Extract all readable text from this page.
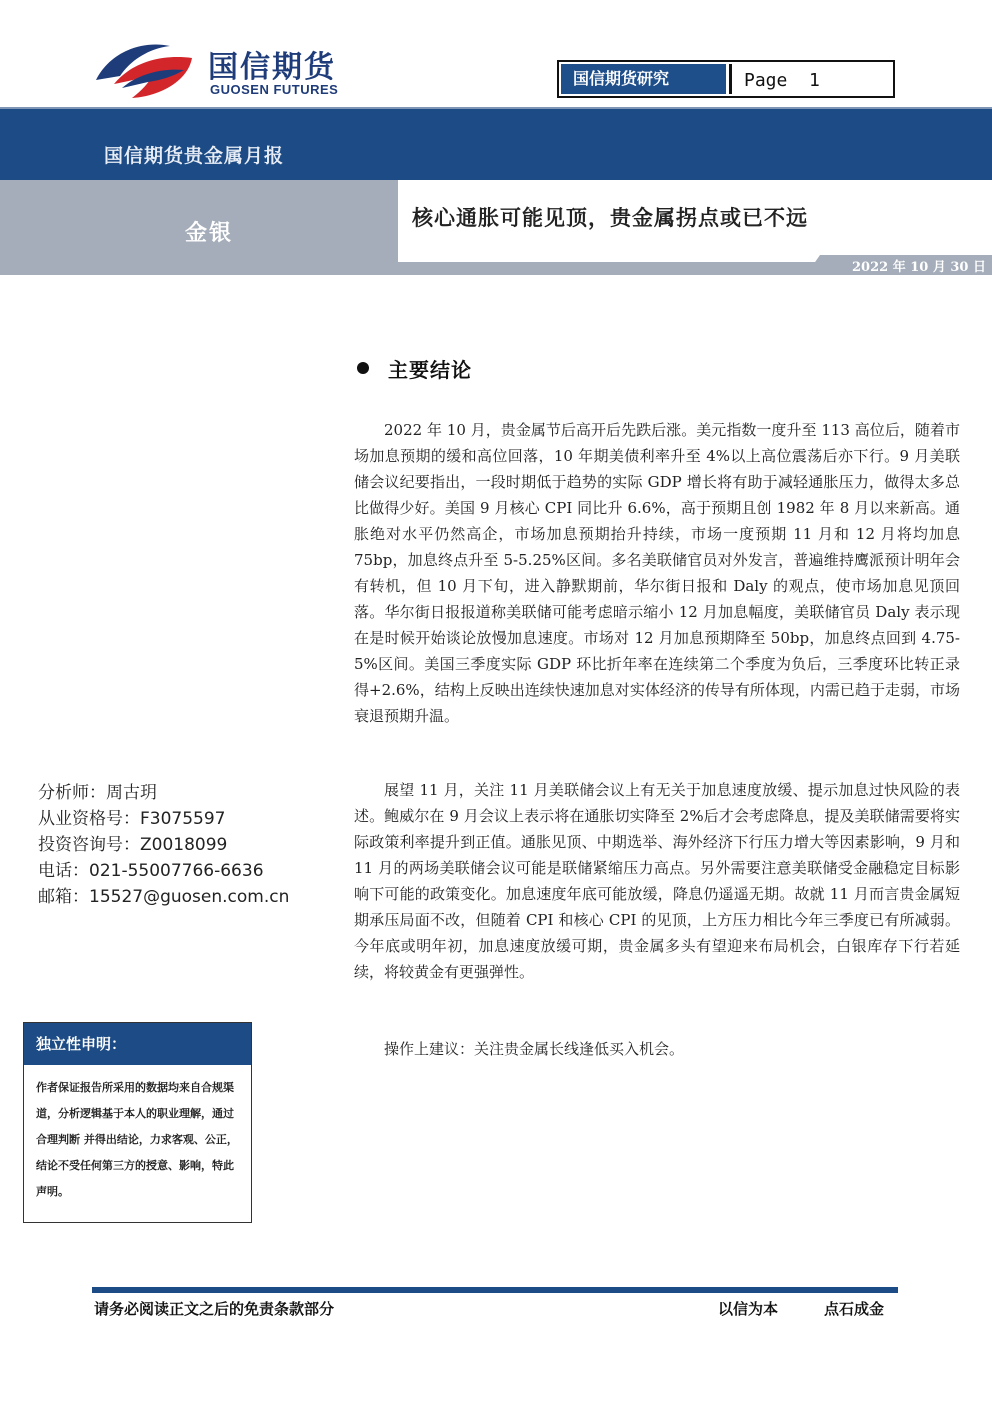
国信期货
GUOSEN FUTURES
国信期货研究	Page  1
国信期货贵金属月报
金银
核心通胀可能见顶，贵金属拐点或已不远
2022 年 10 月 30 日
主要结论

2022 年 10 月，贵金属节后高开后先跌后涨。美元指数一度升至 113 高位后，随着市场加息预期的缓和高位回落，10 年期美债利率升至 4%以上高位震荡后亦下行。9 月美联储会议纪要指出，一段时期低于趋势的实际 GDP 增长将有助于减轻通胀压力，做得太多总比做得少好。美国 9 月核心 CPI 同比升 6.6%，高于预期且创 1982 年 8 月以来新高。通胀绝对水平仍然高企，市场加息预期抬升持续，市场一度预期 11 月和 12 月将均加息 75bp，加息终点升至 5-5.25%区间。多名美联储官员对外发言，普遍维持鹰派预计明年会有转机，但 10 月下旬，进入静默期前，华尔街日报和 Daly 的观点，使市场加息见顶回落。华尔街日报报道称美联储可能考虑暗示缩小 12 月加息幅度，美联储官员 Daly 表示现在是时候开始谈论放慢加息速度。市场对 12 月加息预期降至 50bp，加息终点回到 4.75-5%区间。美国三季度实际 GDP 环比折年率在连续第二个季度为负后，三季度环比转正录得+2.6%，结构上反映出连续快速加息对实体经济的传导有所体现，内需已趋于走弱，市场衰退预期升温。

展望 11 月，关注 11 月美联储会议上有无关于加息速度放缓、提示加息过快风险的表述。鲍威尔在 9 月会议上表示将在通胀切实降至 2%后才会考虑降息，提及美联储需要将实际政策利率提升到正值。通胀见顶、中期选举、海外经济下行压力增大等因素影响，9 月和 11 月的两场美联储会议可能是联储紧缩压力高点。另外需要注意美联储受金融稳定目标影响下可能的政策变化。加息速度年底可能放缓，降息仍遥遥无期。故就 11 月而言贵金属短期承压局面不改，但随着 CPI 和核心 CPI 的见顶，上方压力相比今年三季度已有所减弱。今年底或明年初，加息速度放缓可期，贵金属多头有望迎来布局机会，白银库存下行若延续，将较黄金有更强弹性。

操作上建议：关注贵金属长线逢低买入机会。

分析师：周古玥
从业资格号：F3075597
投资咨询号：Z0018099
电话：021-55007766-6636
邮箱：15527@guosen.com.cn
独立性申明：

作者保证报告所采用的数据均来自合规渠道，分析逻辑基于本人的职业理解，通过合理判断 并得出结论，力求客观、公正，结论不受任何第三方的授意、影响，特此声明。

请务必阅读正文之后的免责条款部分	以信为本	点石成金
